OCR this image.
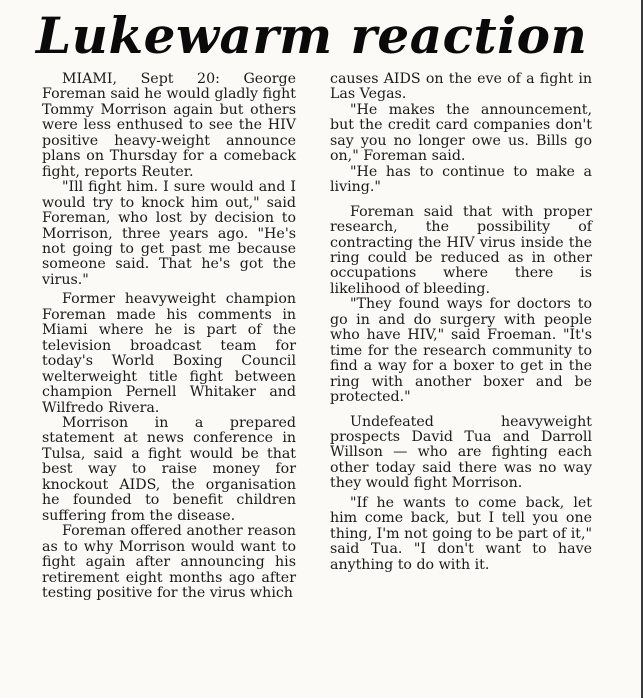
Lukewarm reaction

MIAMI, Sept 20: George Foreman said he would gladly fight Tommy Morrison again but others were less enthused to see the HIV positive heavy-weight announce plans on Thursday for a comeback fight, reports Reuter.

"Ill fight him. I sure would and I would try to knock him out," said Foreman, who lost by decision to Morrison, three years ago. "He's not going to get past me because someone said. That he's got the virus."

Former heavyweight champion Foreman made his comments in Miami where he is part of the television broadcast team for today's World Boxing Council welterweight title fight between champion Pernell Whitaker and Wilfredo Rivera.

Morrison in a prepared statement at news conference in Tulsa, said a fight would be that best way to raise money for knockout AIDS, the organisation he founded to benefit children suffering from the disease.

Foreman offered another reason as to why Morrison would want to fight again after announcing his retirement eight months ago after testing positive for the virus which

causes AIDS on the eve of a fight in Las Vegas.

"He makes the announcement, but the credit card companies don't say you no longer owe us. Bills go on," Foreman said.

"He has to continue to make a living."

Foreman said that with proper research, the possibility of contracting the HIV virus inside the ring could be reduced as in other occupations where there is likelihood of bleeding.

"They found ways for doctors to go in and do surgery with people who have HIV," said Froeman. "It's time for the research community to find a way for a boxer to get in the ring with another boxer and be protected."

Undefeated heavyweight prospects David Tua and Darroll Willson — who are fighting each other today said there was no way they would fight Morrison.

"If he wants to come back, let him come back, but I tell you one thing, I'm not going to be part of it," said Tua. "I don't want to have anything to do with it.
